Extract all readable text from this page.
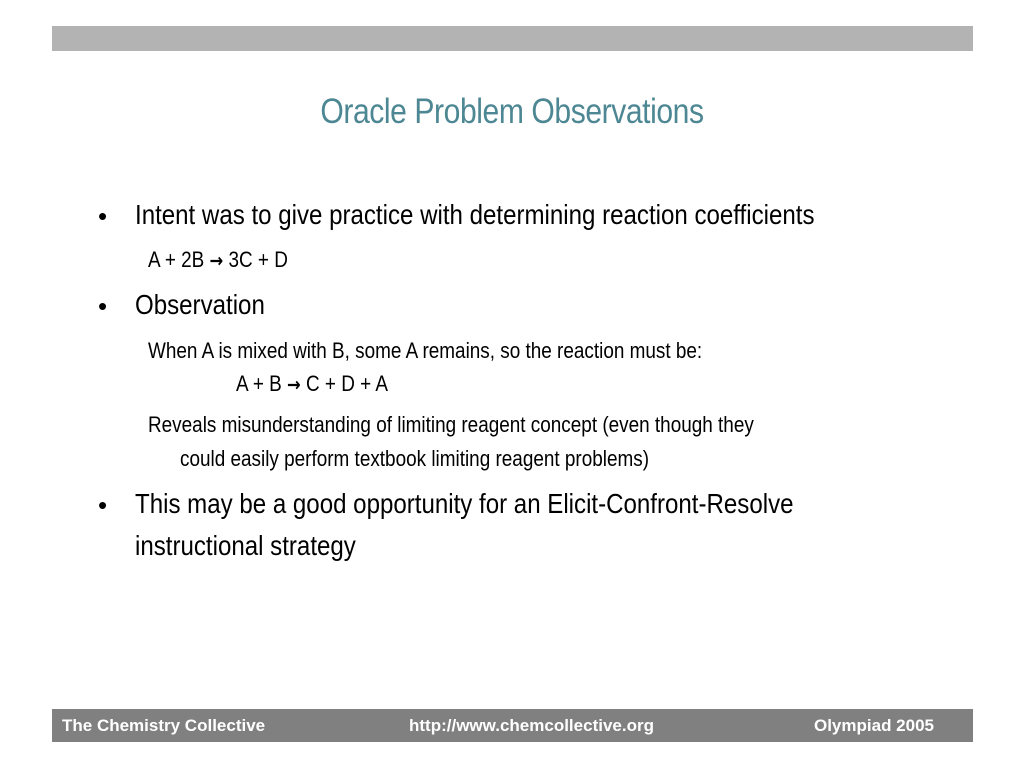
Oracle Problem Observations
• Intent was to give practice with determining reaction coefficients
A + 2B → 3C + D
• Observation
When A is mixed with B, some A remains, so the reaction must be:
A + B → C + D + A
Reveals misunderstanding of limiting reagent concept (even though they
could easily perform textbook limiting reagent problems)
• This may be a good opportunity for an Elicit-Confront-Resolve
instructional strategy
The Chemistry Collective	http://www.chemcollective.org	Olympiad 2005
